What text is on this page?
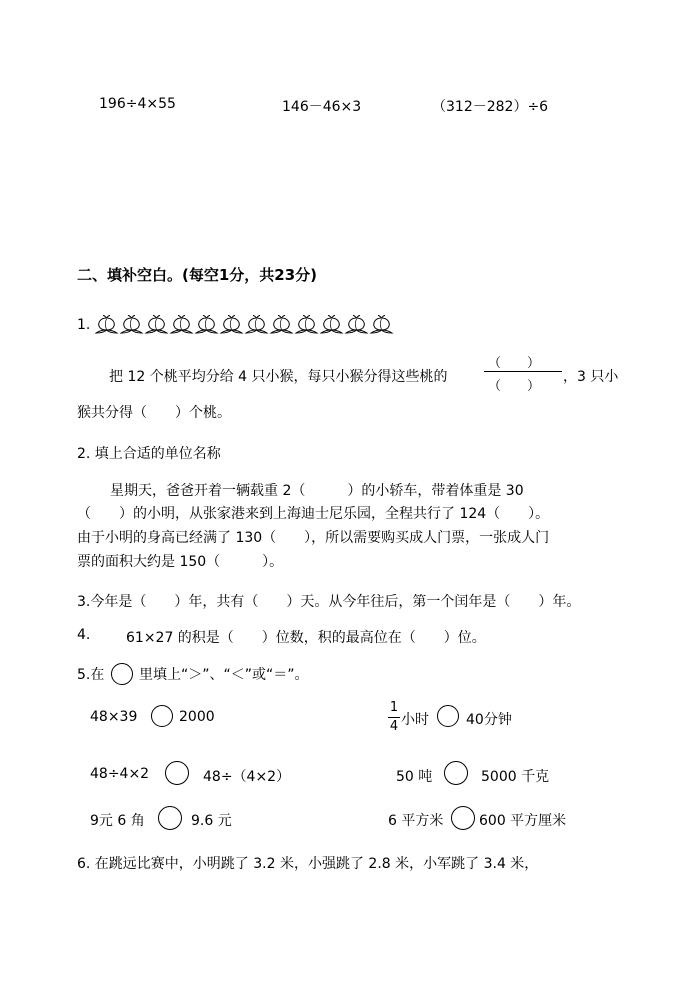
196÷4×55	146－46×3	（312－282）÷6
二、填补空白。(每空1分，共23分)
1.
把 12 个桃平均分给 4 只小猴，每只小猴分得这些桃的
（　　）
（　　）
，3 只小
猴共分得（　　）个桃。
2. 填上合适的单位名称
星期天，爸爸开着一辆载重 2（　　　）的小轿车，带着体重是 30
（　　）的小明，从张家港来到上海迪士尼乐园，全程共行了 124（　　）。
由于小明的身高已经满了 130（　　），所以需要购买成人门票，一张成人门
票的面积大约是 150（　　　）。
3.今年是（　　）年，共有（　　）天。从今年往后，第一个闰年是（　　）年。
4.	61×27 的积是（　　）位数，积的最高位在（　　）位。
5.在 里填上“＞”、“＜”或“＝”。
48×39	2000
1
4 小时	40分钟
48÷4×2	48÷（4×2）	50 吨	5000 千克
9元 6 角	9.6 元	6 平方米	600 平方厘米
6. 在跳远比赛中，小明跳了 3.2 米，小强跳了 2.8 米，小军跳了 3.4 米，
